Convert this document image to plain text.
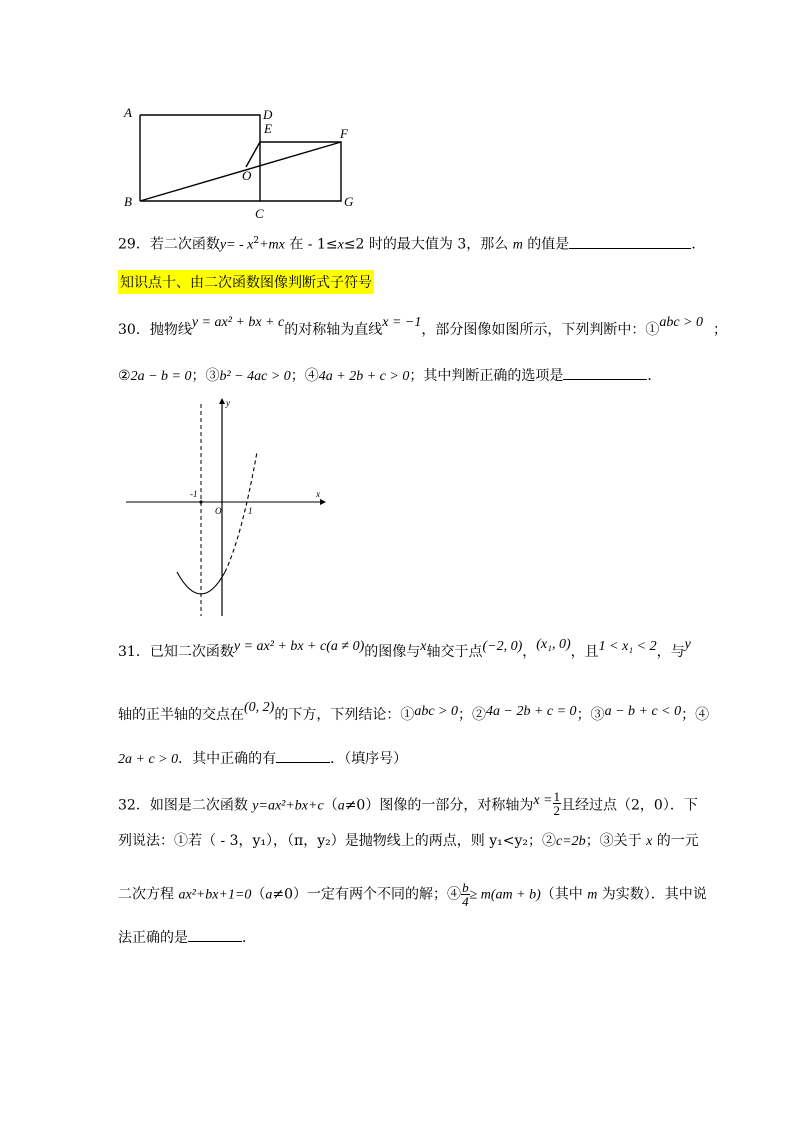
A
B
C
D
E	F
G
O
29．若二次函数$y= - x^2+mx$ 在 - 1≤x≤2 时的最大值为 3，那么 m 的值是	．
知识点十、由二次函数图像判断式子符号
30．抛物线y = ax² + bx + c的对称轴为直线x = −1，部分图像如图所示，下列判断中：①abc > 0 ；
②2a − b = 0；③b² − 4ac > 0；④4a + 2b + c > 0；其中判断正确的选项是	．
y
x
-1
O	1
31．已知二次函数y = ax² + bx + c(a ≠ 0)的图像与x轴交于点(−2, 0)，(x₁, 0)，且1 < x₁ < 2，与y
轴的正半轴的交点在(0, 2)的下方，下列结论：①abc > 0；②4a − 2b + c = 0；③a − b + c < 0；④
2a + c > 0．其中正确的有	．（填序号）
32．如图是二次函数 y=ax²+bx+c（a≠0）图像的一部分，对称轴为$x = \frac{1}{2}$ 且经过点（2，0）．下
列说法：①若（ - 3，y₁），（π，y₂）是抛物线上的两点，则 y₁<y₂；②c=2b；③关于 x 的一元
二次方程 ax²+bx+1=0（a≠0）一定有两个不同的解；④ $\frac{b}{4} \ge m(am + b)$（其中 m 为实数）．其中说
法正确的是	．
